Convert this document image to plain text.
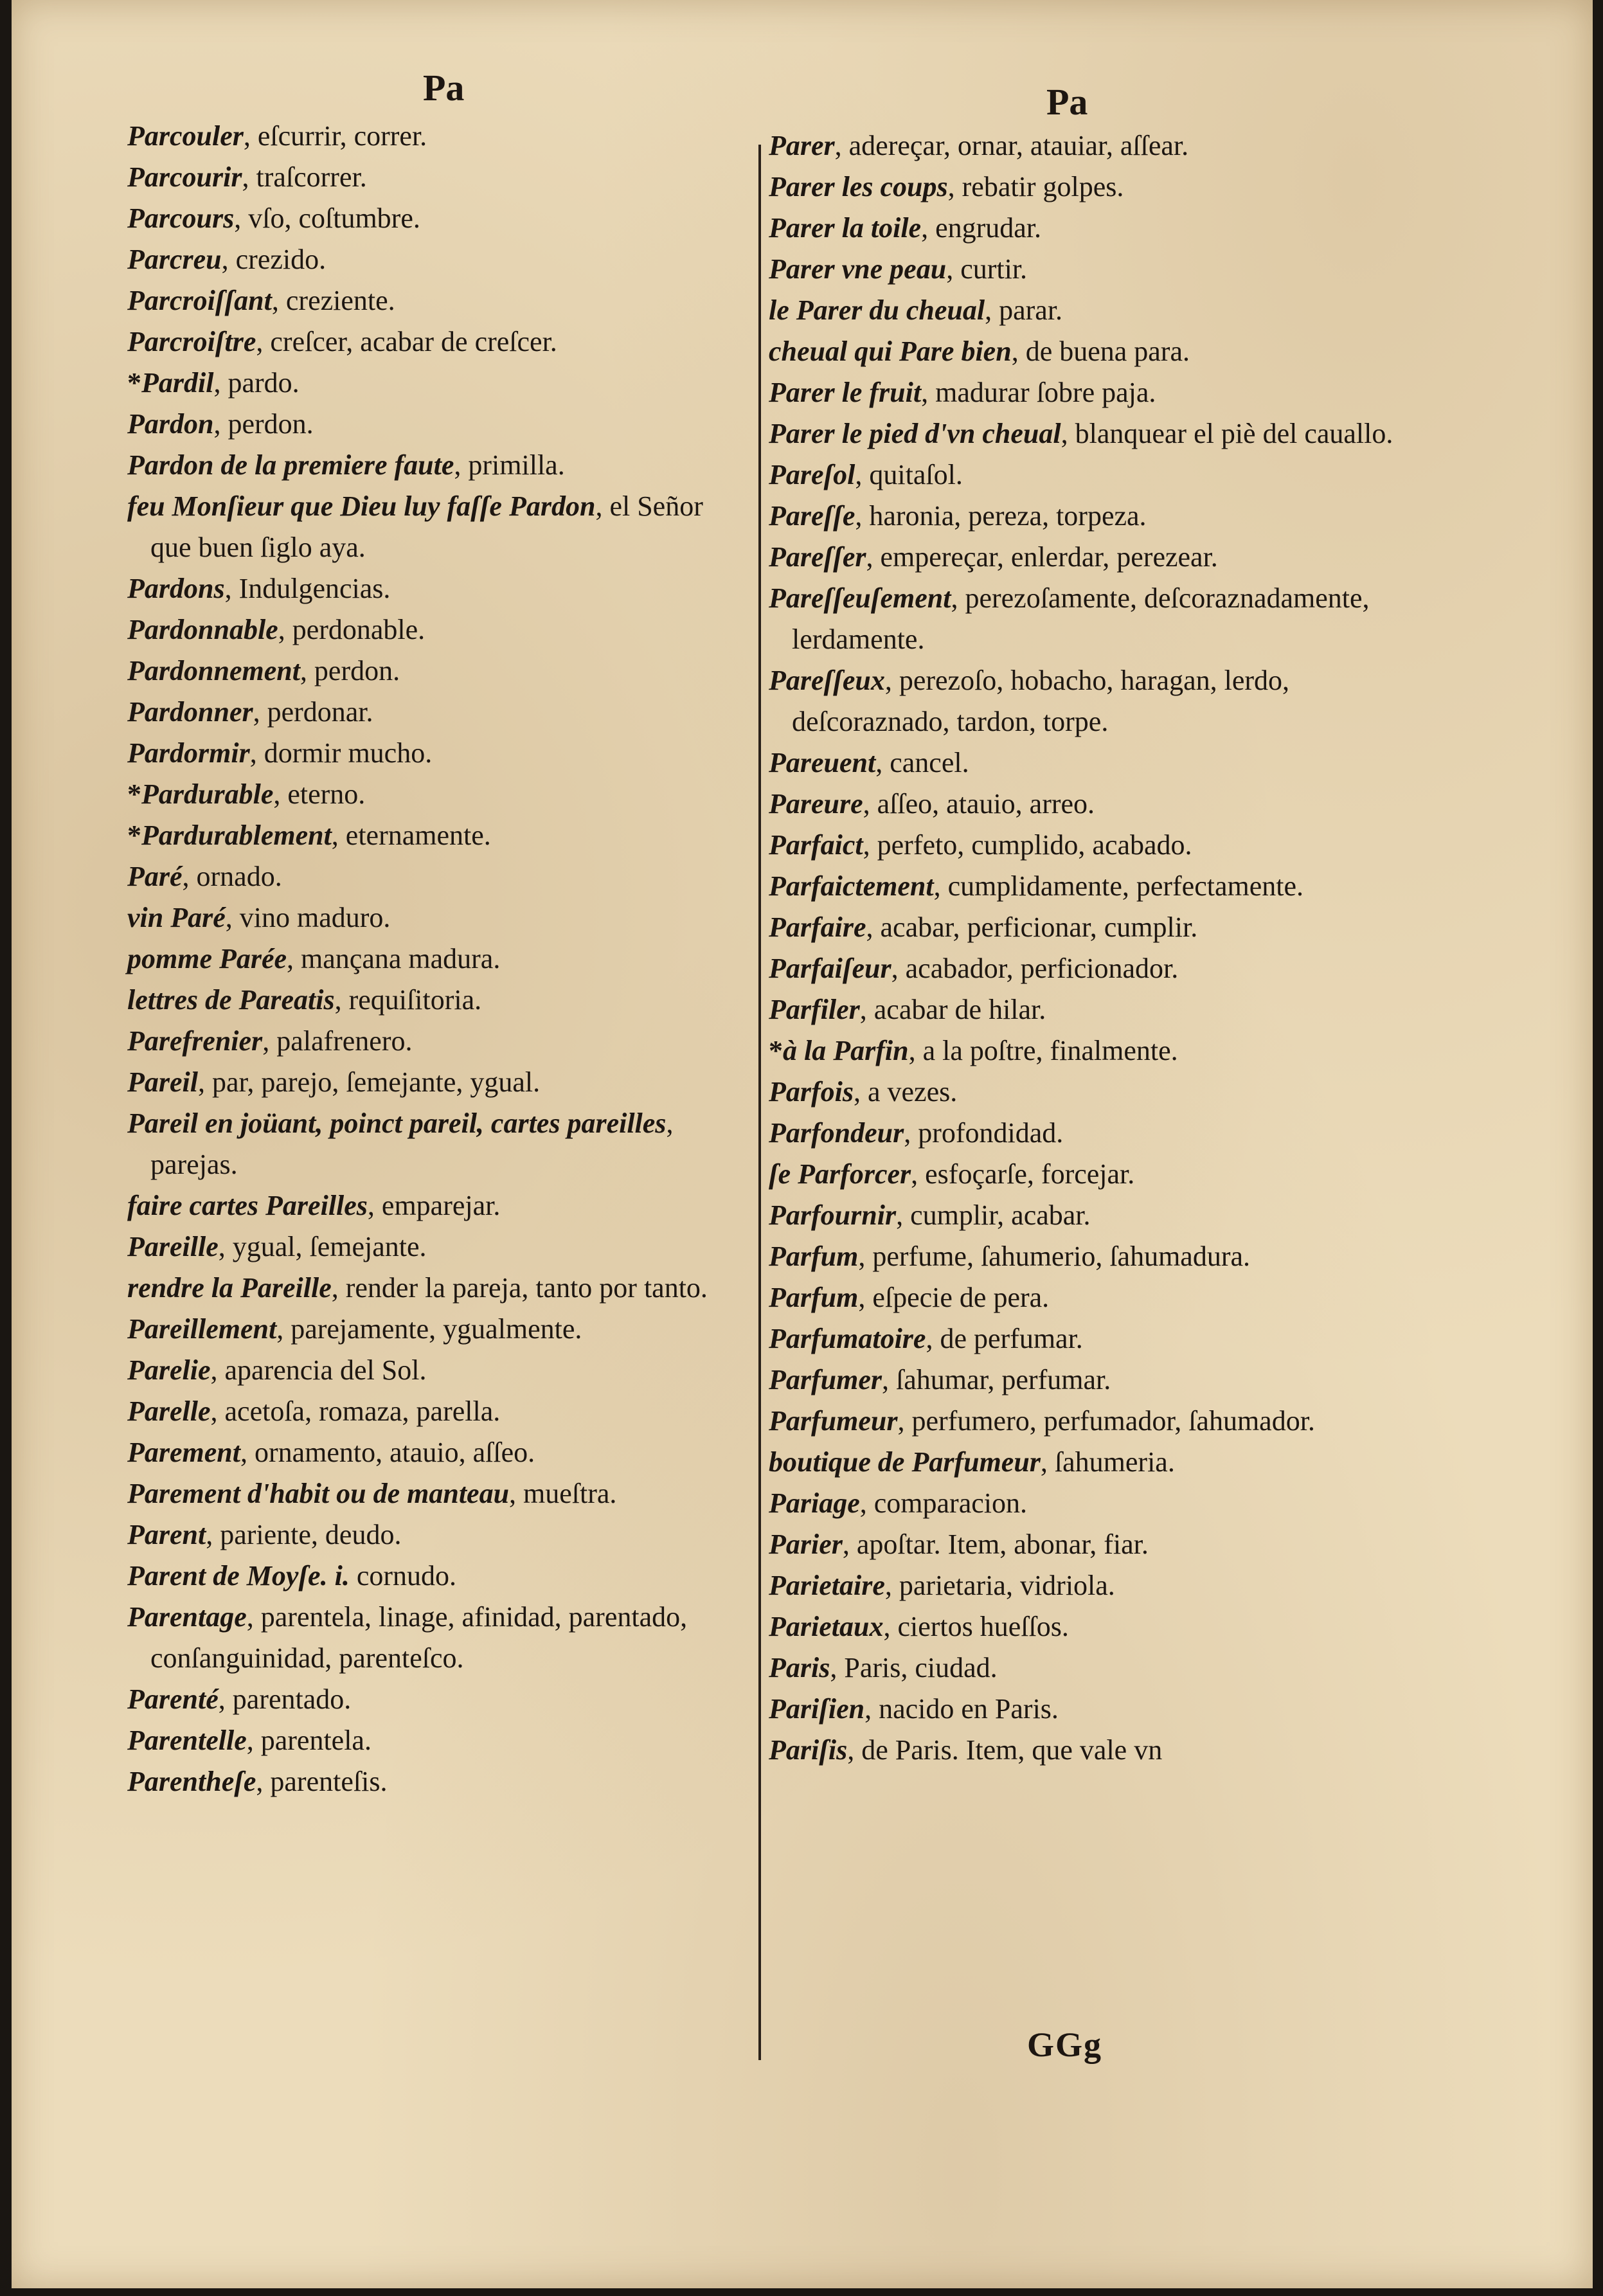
Pa	Pa
Parcouler, eſcurrir, correr.
Parcourir, traſcorrer.
Parcours, vſo, coſtumbre.
Parcreu, crezido.
Parcroiſſant, creziente.
Parcroiſtre, creſcer, acabar de creſcer.
*Pardil, pardo.
Pardon, perdon.
Pardon de la premiere faute, primilla.
feu Monſieur que Dieu luy faſſe Pardon, el Señor que buen ſiglo aya.
Pardons, Indulgencias.
Pardonnable, perdonable.
Pardonnement, perdon.
Pardonner, perdonar.
Pardormir, dormir mucho.
*Pardurable, eterno.
*Pardurablement, eternamente.
Paré, ornado.
vin Paré, vino maduro.
pomme Parée, mançana madura.
lettres de Pareatis, requiſitoria.
Parefrenier, palafrenero.
Pareil, par, parejo, ſemejante, ygual.
Pareil en joüant, poinct pareil, cartes pareilles, parejas.
faire cartes Pareilles, emparejar.
Pareille, ygual, ſemejante.
rendre la Pareille, render la pareja, tanto por tanto.
Pareillement, parejamente, ygualmente.
Parelie, aparencia del Sol.
Parelle, acetoſa, romaza, parella.
Parement, ornamento, atauio, aſſeo.
Parement d'habit ou de manteau, mueſtra.
Parent, pariente, deudo.
Parent de Moyſe. i. cornudo.
Parentage, parentela, linage, afinidad, parentado, conſanguinidad, parenteſco.
Parenté, parentado.
Parentelle, parentela.
Parentheſe, parenteſis.
Parer, adereçar, ornar, atauiar, aſſear.
Parer les coups, rebatir golpes.
Parer la toile, engrudar.
Parer vne peau, curtir.
le Parer du cheual, parar.
cheual qui Pare bien, de buena para.
Parer le fruit, madurar ſobre paja.
Parer le pied d'vn cheual, blanquear el piè del cauallo.
Pareſol, quitaſol.
Pareſſe, haronia, pereza, torpeza.
Pareſſer, empereçar, enlerdar, perezear.
Pareſſeuſement, perezoſamente, deſcoraznadamente, lerdamente.
Pareſſeux, perezoſo, hobacho, haragan, lerdo, deſcoraznado, tardon, torpe.
Pareuent, cancel.
Pareure, aſſeo, atauio, arreo.
Parfaict, perfeto, cumplido, acabado.
Parfaictement, cumplidamente, perfectamente.
Parfaire, acabar, perficionar, cumplir.
Parfaiſeur, acabador, perficionador.
Parfiler, acabar de hilar.
*à la Parfin, a la poſtre, finalmente.
Parfois, a vezes.
Parfondeur, profondidad.
ſe Parforcer, esfoçarſe, forcejar.
Parfournir, cumplir, acabar.
Parfum, perfume, ſahumerio, ſahumadura.
Parfum, eſpecie de pera.
Parfumatoire, de perfumar.
Parfumer, ſahumar, perfumar.
Parfumeur, perfumero, perfumador, ſahumador.
boutique de Parfumeur, ſahumeria.
Pariage, comparacion.
Parier, apoſtar. Item, abonar, fiar.
Parietaire, parietaria, vidriola.
Parietaux, ciertos hueſſos.
Paris, Paris, ciudad.
Pariſien, nacido en Paris.
Pariſis, de Paris. Item, que vale vn
GGg
